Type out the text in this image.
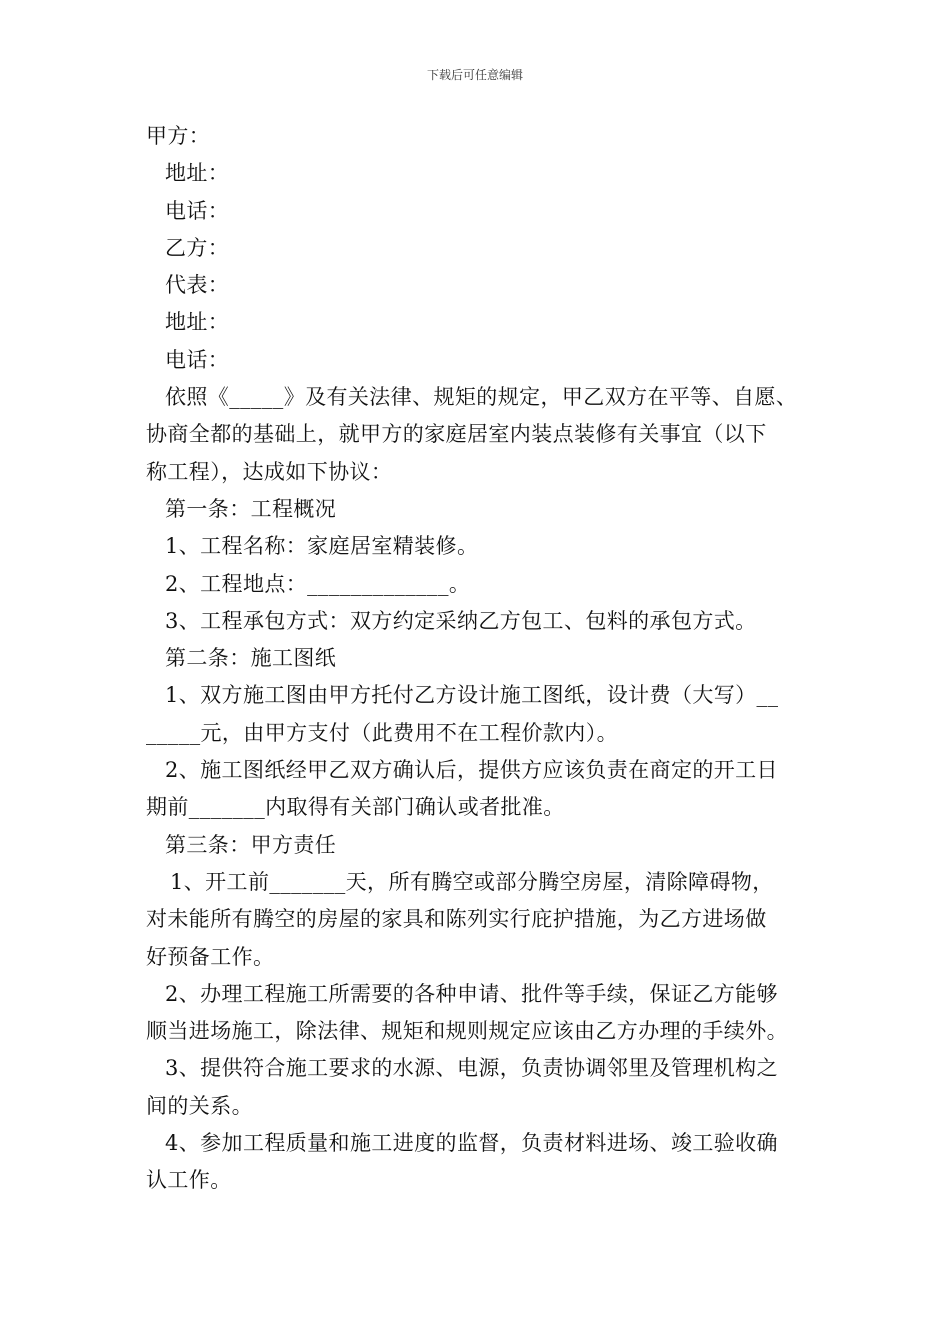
下载后可任意编辑
甲方：
地址：
电话：
乙方：
代表：
地址：
电话：
依照《_____》及有关法律、规矩的规定，甲乙双方在平等、自愿、
协商全都的基础上，就甲方的家庭居室内装点装修有关事宜（以下
称工程），达成如下协议：
第一条：工程概况
1、工程名称：家庭居室精装修。
2、工程地点：_____________。
3、工程承包方式：双方约定采纳乙方包工、包料的承包方式。
第二条：施工图纸
1、双方施工图由甲方托付乙方设计施工图纸，设计费（大写）__
_____元，由甲方支付（此费用不在工程价款内）。
2、施工图纸经甲乙双方确认后，提供方应该负责在商定的开工日
期前_______内取得有关部门确认或者批准。
第三条：甲方责任
1、开工前_______天，所有腾空或部分腾空房屋，清除障碍物，
对未能所有腾空的房屋的家具和陈列实行庇护措施，为乙方进场做
好预备工作。
2、办理工程施工所需要的各种申请、批件等手续，保证乙方能够
顺当进场施工，除法律、规矩和规则规定应该由乙方办理的手续外。
3、提供符合施工要求的水源、电源，负责协调邻里及管理机构之
间的关系。
4、参加工程质量和施工进度的监督，负责材料进场、竣工验收确
认工作。
